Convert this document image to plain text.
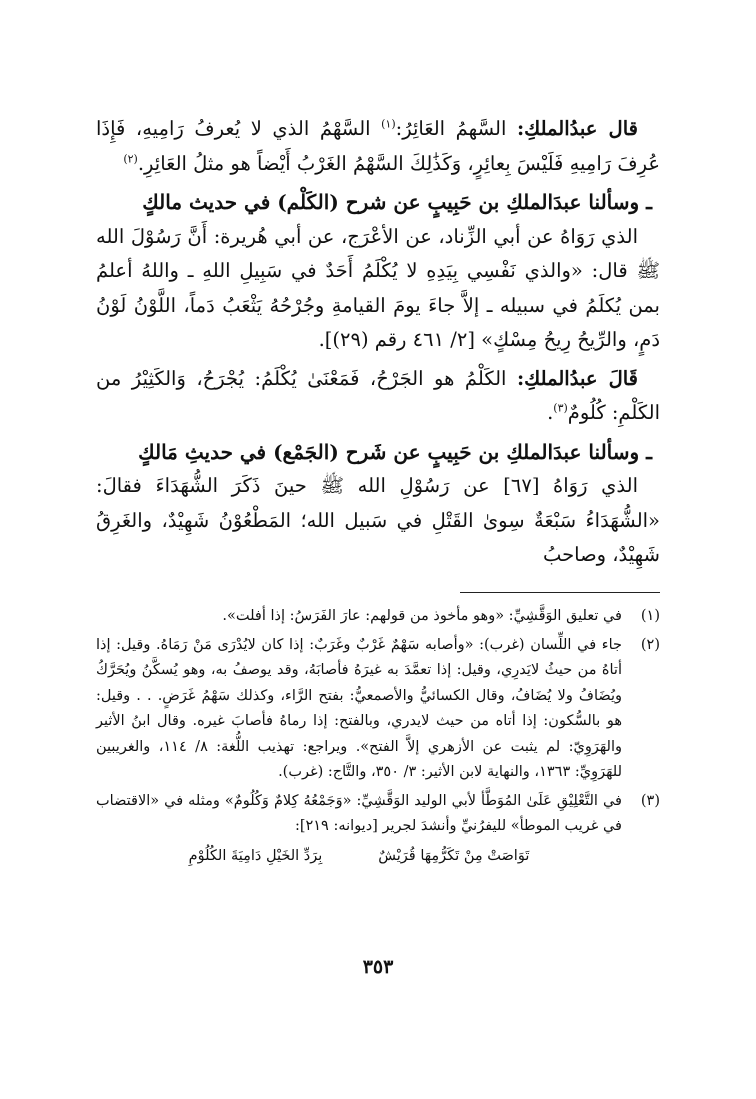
قال عبدُالملكِ: السَّهمُ العَائِرُ:$^{(١)}$ السَّهْمُ الذي لا يُعرفُ رَامِيهِ، فَإِذَا عُرِفَ رَامِيهِ فَلَيْسَ بِعائِرٍ، وَكَذَٰلِكَ السَّهْمُ الغَرْبُ أَيْضاً هو مثلُ العَائِرِ.$^{(٢)}$

ـ وسألنا عبدَالملكِ بن حَبِيبٍ عن شرح (الكَلْم) في حديث مالكٍ

الذي رَوَاهُ عن أبي الزِّناد، عن الأعْرَج، عن أبي هُريرة: أَنَّ رَسُوْلَ الله ﷺ قال: «والذي نَفْسِي بِيَدِهِ لا يُكْلَمُ أَحَدٌ في سَبِيلِ اللهِ ـ واللهُ أعلمُ بمن يُكلَمُ في سبيله ـ إلاَّ جاءَ يومَ القيامةِ وجُرْحُهُ يَثْعَبُ دَماً، اللَّوْنُ لَوْنُ دَمٍ، والرِّيحُ رِيحُ مِسْكٍ» [٢/ ٤٦١ رقم (٢٩)].

قَالَ عبدُالملكِ: الكَلْمُ هو الجَرْحُ، فَمَعْنَىٰ يُكْلَمُ: يُجْرَحُ، وَالكَثِيْرُ من الكَلْمِ: كُلُومٌ$^{(٣)}$.

ـ وسألنا عبدَالملكِ بن حَبِيبٍ عن شَرح (الجَمْع) في حديثِ مَالكٍ

الذي رَوَاهُ [٦٧] عن رَسُوْلِ الله ﷺ حينَ ذَكَرَ الشُّهَدَاءَ فقالَ: «الشُّهَدَاءُ سَبْعَةٌ سِوىٰ القَتْلِ في سَبيل الله؛ المَطْعُوْنُ شَهِيْدٌ، والغَرِقُ شَهِيْدٌ، وصاحبُ

(١)
في تعليق الوَقَّشِيِّ: «وهو مأخوذ من قولهم: عارَ الفَرَسُ: إذا أفلت».
(٢)
جاء في اللِّسان (غرب): «وأصابه سَهْمٌ غَرْبٌ وغَرَبٌ: إذا كان لايُدْرَى مَنْ رَمَاهُ. وقيل: إذا أتاهُ من حيثُ لايَدرِي، وقيل: إذا تعمَّدَ به غيرَهُ فأصابَهُ، وقد يوصفُ به، وهو يُسكَّنُ ويُحَرَّكُ ويُضَافُ ولا يُضَافُ، وقال الكسائيُّ والأصمعيُّ: بفتح الرَّاء، وكذلك سَهْمُ غَرَضٍ. . . وقيل: هو بالسُّكون: إذا أتاه من حيث لايدري، وبالفتح: إذا رماهُ فأصابَ غيره. وقال ابنُ الأثير والهَرَوِيّ: لم يثبت عن الأزهري إلاَّ الفتح». ويراجع: تهذيب اللُّغة: ٨/ ١١٤، والغريبين للهَرَوِيِّ: ١٣٦٣، والنهاية لابن الأثير: ٣/ ٣٥٠، والتَّاج: (غرب).
(٣)
في التَّعْلِيْقِ عَلَىٰ المُوَطَّأ لأبي الوليد الوَقَّشِيِّ: «وَجَمْعُهُ كِلامٌ وَكُلُومٌ» ومثله في «الاقتضاب في غريب الموطأ» لليفرُنيِّ وأنشدَ لجرير [ديوانه: ٢١٩]:
تَوَاصَتْ مِنْ تَكَرُّمِهَا قُرَيْشٌ
بِرَدِّ الخَيْلِ دَامِيَةَ الكُلُوْمِ
٣٥٣
